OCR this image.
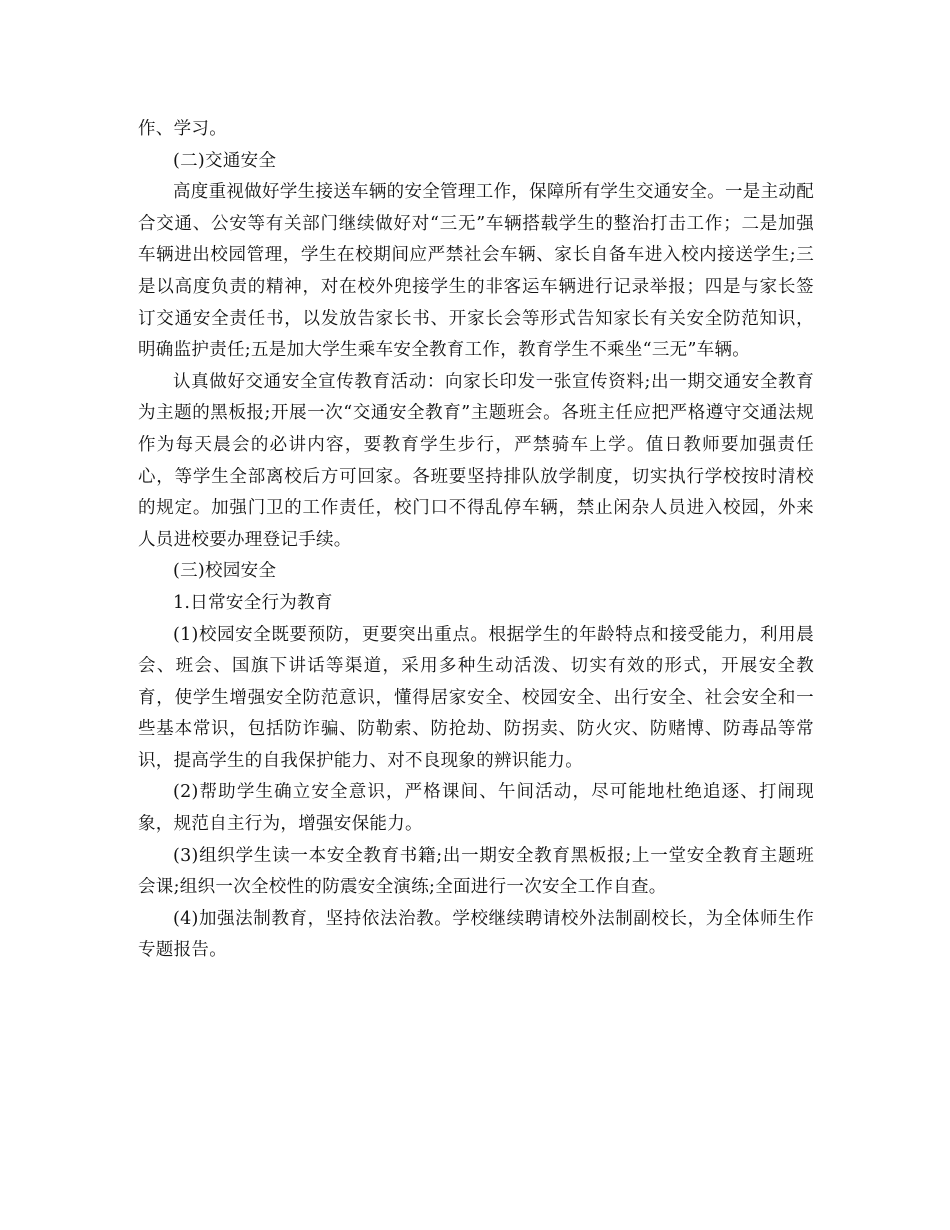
作、学习。

(二)交通安全

高度重视做好学生接送车辆的安全管理工作，保障所有学生交通安全。一是主动配合交通、公安等有关部门继续做好对“三无”车辆搭载学生的整治打击工作；二是加强车辆进出校园管理，学生在校期间应严禁社会车辆、家长自备车进入校内接送学生;三是以高度负责的精神，对在校外兜接学生的非客运车辆进行记录举报；四是与家长签订交通安全责任书，以发放告家长书、开家长会等形式告知家长有关安全防范知识，明确监护责任;五是加大学生乘车安全教育工作，教育学生不乘坐“三无”车辆。

认真做好交通安全宣传教育活动：向家长印发一张宣传资料;出一期交通安全教育为主题的黑板报;开展一次“交通安全教育”主题班会。各班主任应把严格遵守交通法规作为每天晨会的必讲内容，要教育学生步行，严禁骑车上学。值日教师要加强责任心，等学生全部离校后方可回家。各班要坚持排队放学制度，切实执行学校按时清校的规定。加强门卫的工作责任，校门口不得乱停车辆，禁止闲杂人员进入校园，外来人员进校要办理登记手续。

(三)校园安全

1.日常安全行为教育

(1)校园安全既要预防，更要突出重点。根据学生的年龄特点和接受能力，利用晨会、班会、国旗下讲话等渠道，采用多种生动活泼、切实有效的形式，开展安全教育，使学生增强安全防范意识，懂得居家安全、校园安全、出行安全、社会安全和一些基本常识，包括防诈骗、防勒索、防抢劫、防拐卖、防火灾、防赌博、防毒品等常识，提高学生的自我保护能力、对不良现象的辨识能力。

(2)帮助学生确立安全意识，严格课间、午间活动，尽可能地杜绝追逐、打闹现象，规范自主行为，增强安保能力。

(3)组织学生读一本安全教育书籍;出一期安全教育黑板报;上一堂安全教育主题班会课;组织一次全校性的防震安全演练;全面进行一次安全工作自查。

(4)加强法制教育，坚持依法治教。学校继续聘请校外法制副校长，为全体师生作专题报告。
